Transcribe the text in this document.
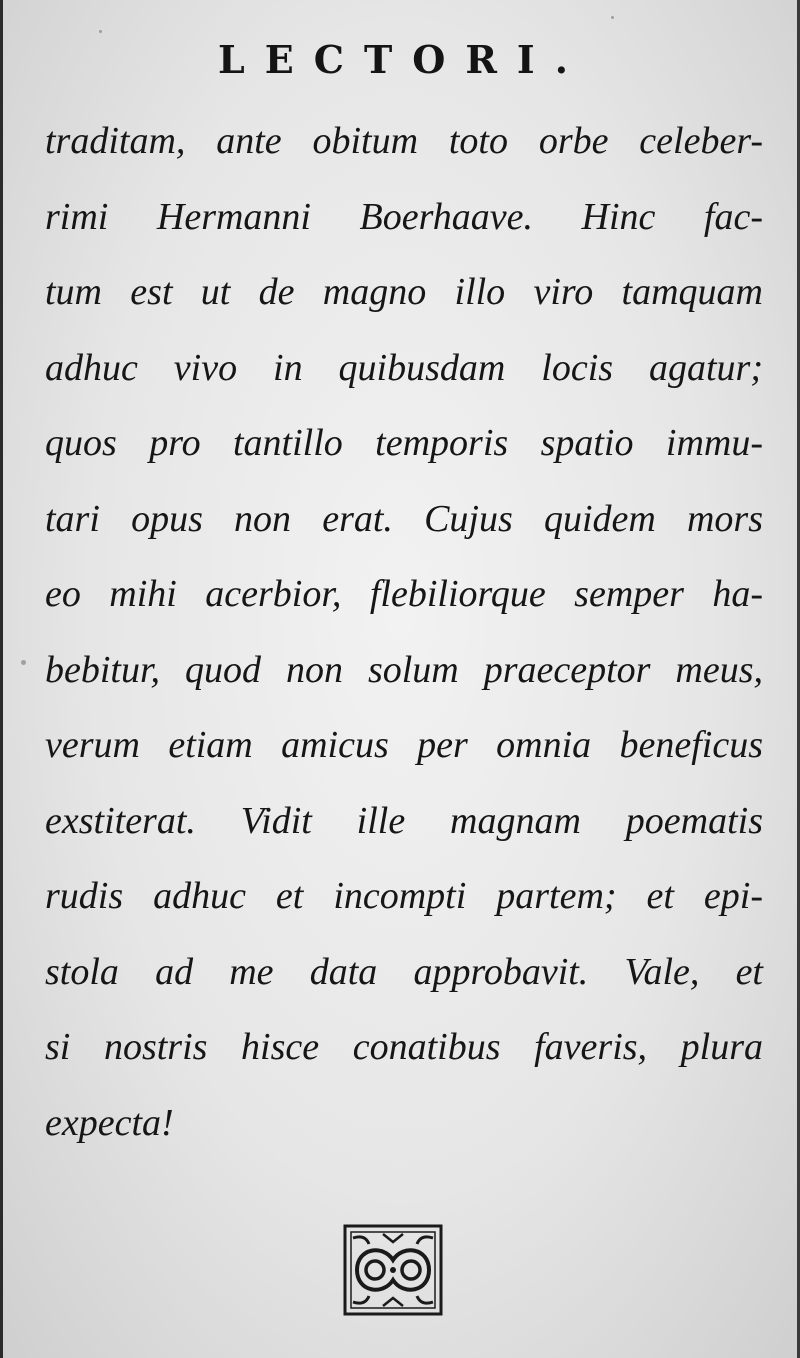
LECTORI.
traditam, ante obitum toto orbe celeber-
rimi Hermanni Boerhaave. Hinc fac-
tum est ut de magno illo viro tamquam
adhuc vivo in quibusdam locis agatur;
quos pro tantillo temporis spatio immu-
tari opus non erat. Cujus quidem mors
eo mihi acerbior, flebiliorque semper ha-
bebitur, quod non solum praeceptor meus,
verum etiam amicus per omnia beneficus
exstiterat. Vidit ille magnam poematis
rudis adhuc et incompti partem; et epi-
stola ad me data approbavit. Vale, et
si nostris hisce conatibus faveris, plura
expecta!
